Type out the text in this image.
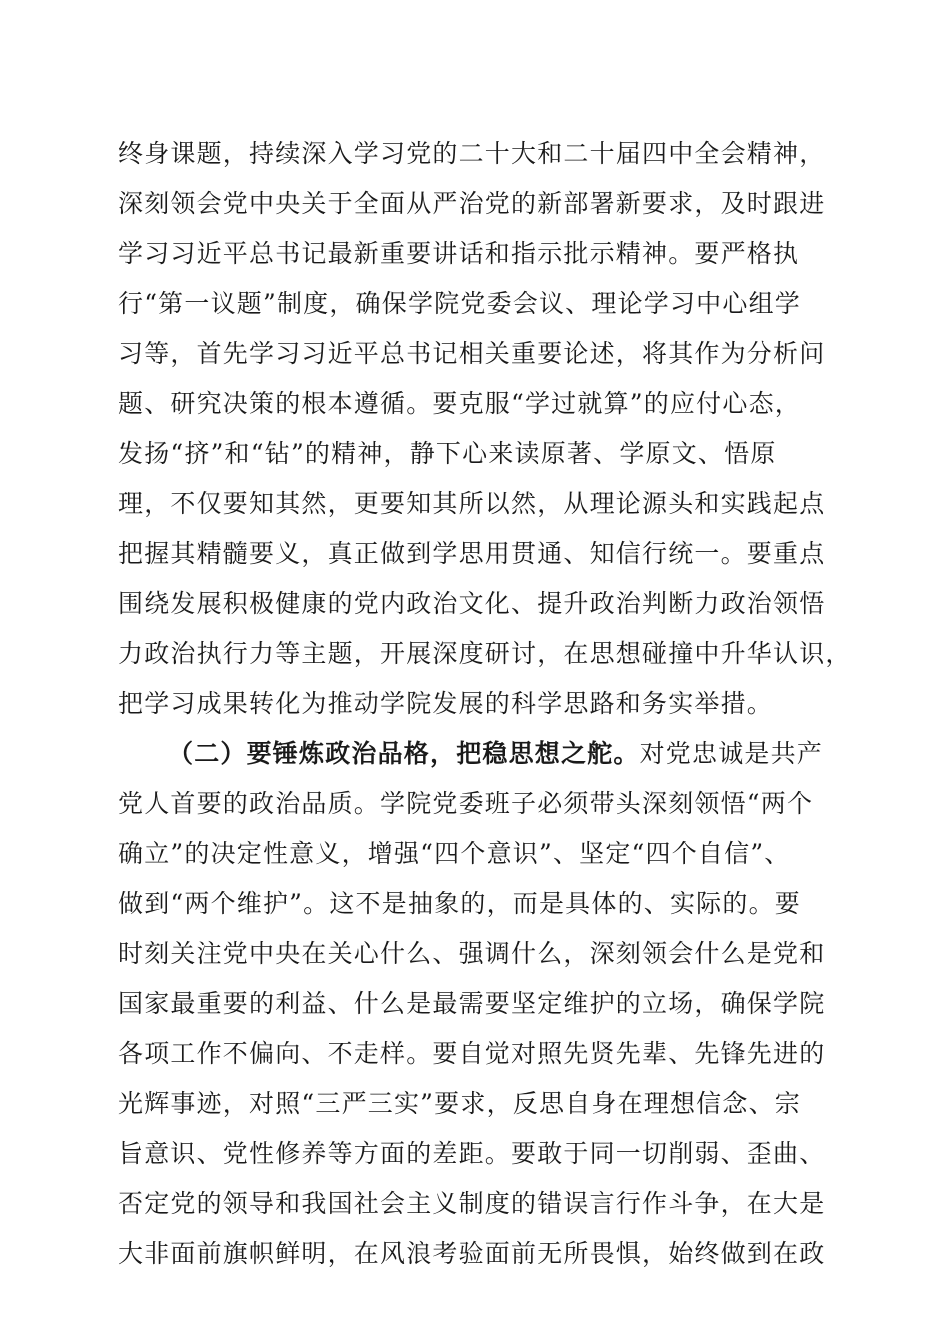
终身课题，持续深入学习党的二十大和二十届四中全会精神，
深刻领会党中央关于全面从严治党的新部署新要求，及时跟进
学习习近平总书记最新重要讲话和指示批示精神。要严格执
行“第一议题”制度，确保学院党委会议、理论学习中心组学
习等，首先学习习近平总书记相关重要论述，将其作为分析问
题、研究决策的根本遵循。要克服“学过就算”的应付心态，
发扬“挤”和“钻”的精神，静下心来读原著、学原文、悟原
理，不仅要知其然，更要知其所以然，从理论源头和实践起点
把握其精髓要义，真正做到学思用贯通、知信行统一。要重点
围绕发展积极健康的党内政治文化、提升政治判断力政治领悟
力政治执行力等主题，开展深度研讨，在思想碰撞中升华认识，
把学习成果转化为推动学院发展的科学思路和务实举措。
（二）要锤炼政治品格，把稳思想之舵。对党忠诚是共产
党人首要的政治品质。学院党委班子必须带头深刻领悟“两个
确立”的决定性意义，增强“四个意识”、坚定“四个自信”、
做到“两个维护”。这不是抽象的，而是具体的、实际的。要
时刻关注党中央在关心什么、强调什么，深刻领会什么是党和
国家最重要的利益、什么是最需要坚定维护的立场，确保学院
各项工作不偏向、不走样。要自觉对照先贤先辈、先锋先进的
光辉事迹，对照“三严三实”要求，反思自身在理想信念、宗
旨意识、党性修养等方面的差距。要敢于同一切削弱、歪曲、
否定党的领导和我国社会主义制度的错误言行作斗争，在大是
大非面前旗帜鲜明，在风浪考验面前无所畏惧，始终做到在政
